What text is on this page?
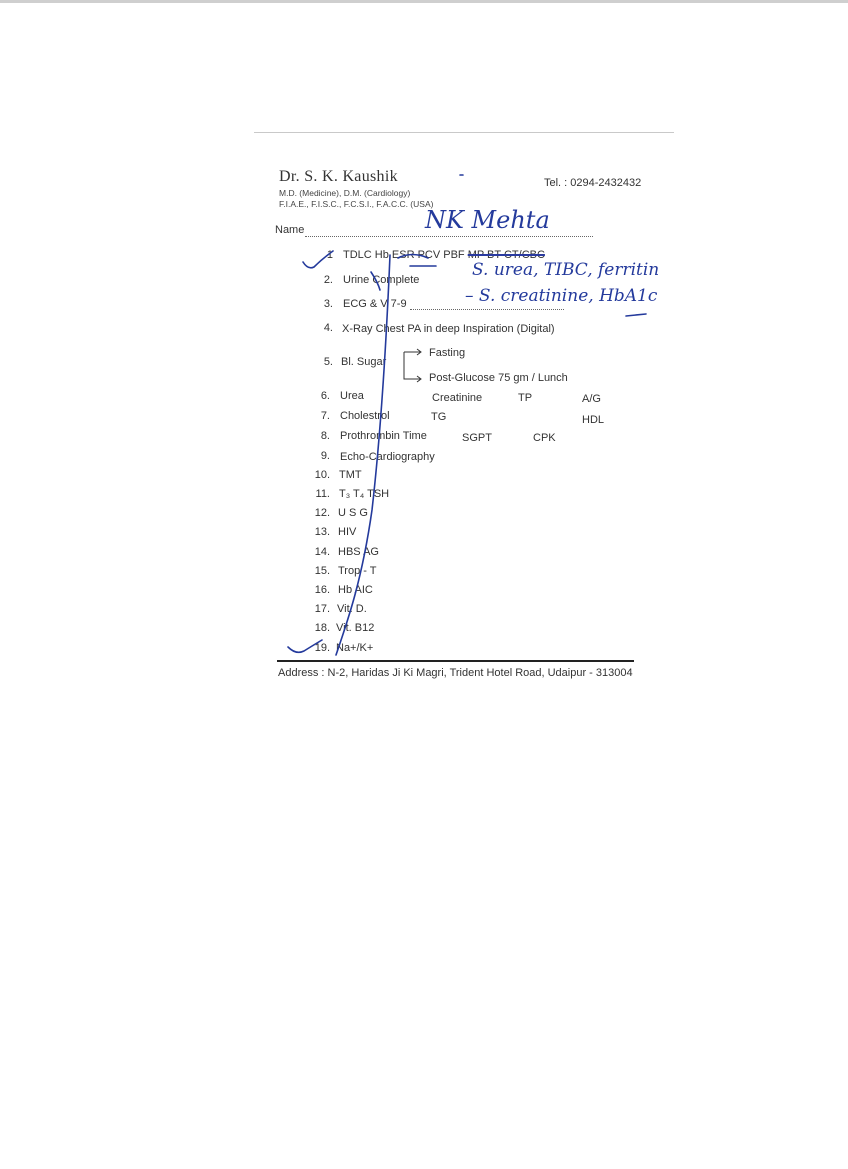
Dr. S. K. Kaushik
M.D. (Medicine), D.M. (Cardiology)
F.I.A.E., F.I.S.C., F.C.S.I., F.A.C.C. (USA)
Tel. : 0294-2432432
Name	NK Mehta
1 TDLC Hb ESR PCV PBF MP BT CT/CBC
2. Urine Complete	S. urea, TIBC, ferritin
3. ECG & V 7-9	– S. creatinine, HbA1c
4. X-Ray Chest PA in deep Inspiration (Digital)
5. Bl. Sugar
Fasting
Post-Glucose 75 gm / Lunch
6. Urea	Creatinine	TP	A/G
7. Cholestrol	TG	HDL
8. Prothrombin Time	SGPT	CPK
9. Echo-Cardiography
10. TMT
11. T₃ T₄ TSH
12. U S G
13. HIV
14. HBS AG
15. Trop - T
16. Hb AIC
17. Vit. D.
18. Vit. B12
19. Na+/K+
Address : N-2, Haridas Ji Ki Magri, Trident Hotel Road, Udaipur - 313004
